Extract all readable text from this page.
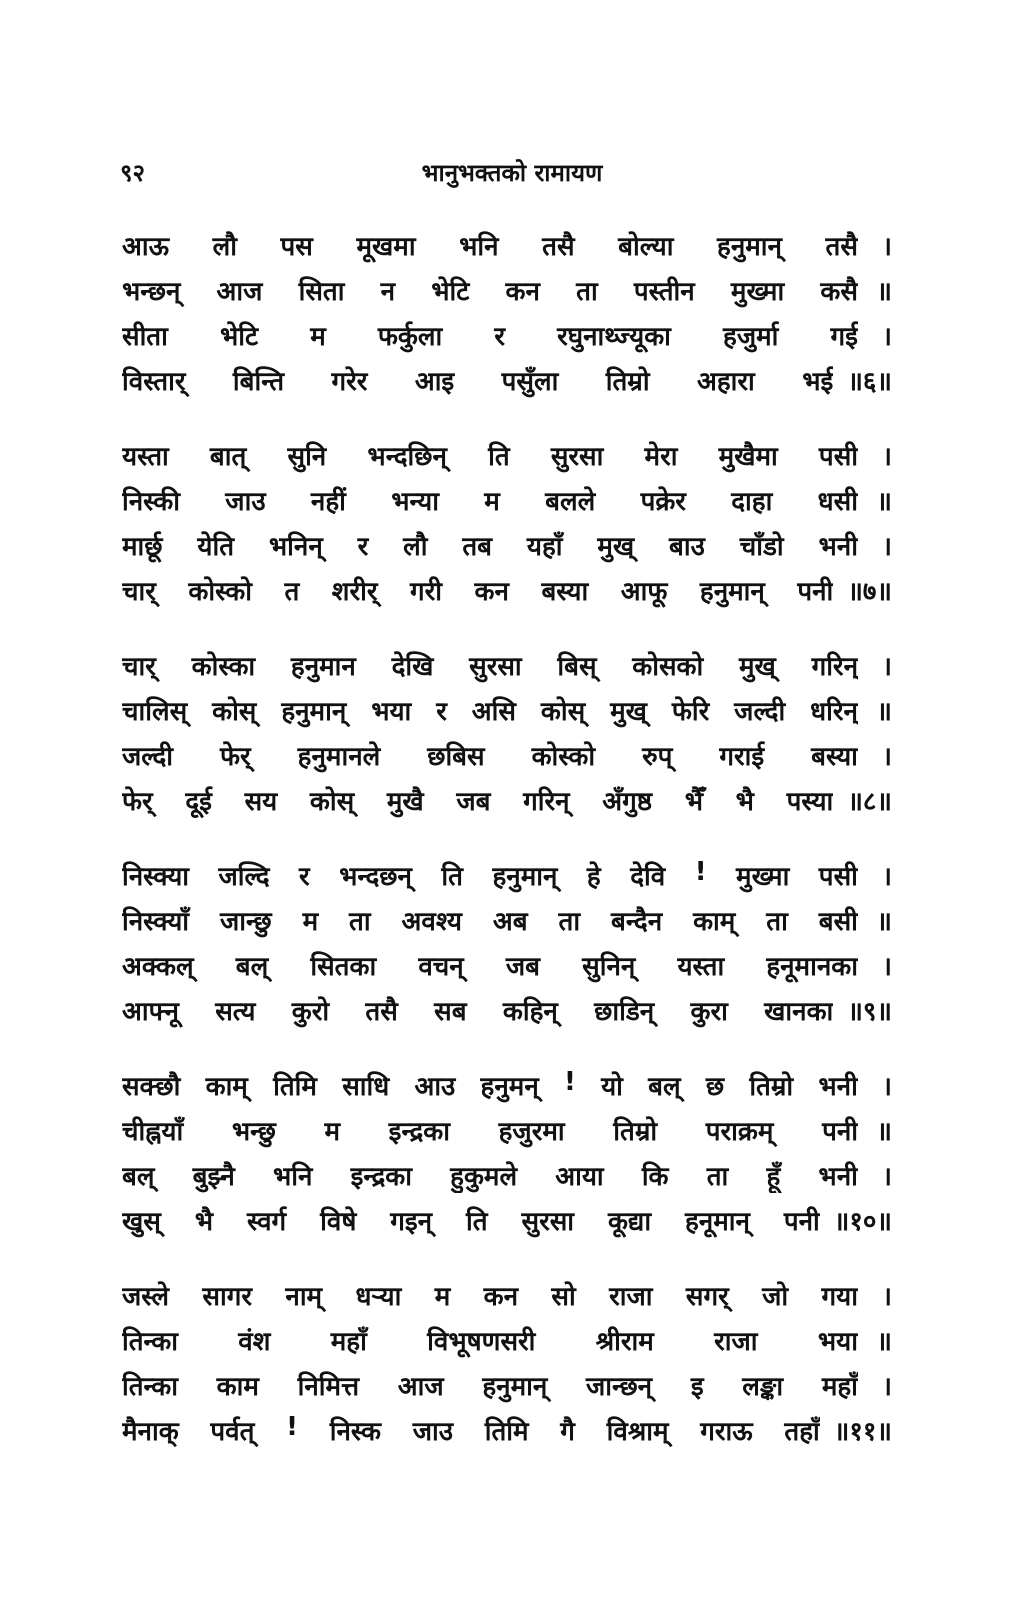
९२	भानुभक्तको रामायण
आऊ लौ पस मूखमा भनि तसै बोल्या हनुमान् तसै ।
भन्छन् आज सिता न भेटि कन ता पस्तीन मुख्मा कसै ॥
सीता भेटि म फर्कुला र रघुनाथ्ज्यूका हजुर्मा गई ।
विस्तार् बिन्ति गरेर आइ पसुँला तिम्रो अहारा भई ॥६॥
यस्ता बात् सुनि भन्दछिन् ति सुरसा मेरा मुखैमा पसी ।
निस्की जाउ नहीं भन्या म बलले पक्रेर दाहा धसी ॥
मार्छू येति भनिन् र लौ तब यहाँ मुख् बाउ चाँडो भनी ।
चार् कोस्को त शरीर् गरी कन बस्या आफू हनुमान् पनी ॥७॥
चार् कोस्का हनुमान देखि सुरसा बिस् कोसको मुख् गरिन् ।
चालिस् कोस् हनुमान् भया र असि कोस् मुख् फेरि जल्दी धरिन् ॥
जल्दी फेर् हनुमानले छबिस कोस्को रुप् गराई बस्या ।
फेर् दूई सय कोस् मुखै जब गरिन् अँगुष्ठ भैँ भै पस्या ॥८॥
निस्क्या जल्दि र भन्दछन् ति हनुमान् हे देवि ! मुख्मा पसी ।
निस्क्याँ जान्छु म ता अवश्य अब ता बन्दैन काम् ता बसी ॥
अक्कल् बल् सितका वचन् जब सुनिन् यस्ता हनूमानका ।
आफ्नू सत्य कुरो तसै सब कहिन् छाडिन् कुरा खानका ॥९॥
सक्छौ काम् तिमि साधि आउ हनुमन् ! यो बल् छ तिम्रो भनी ।
चीह्नयाँ भन्छु म इन्द्रका हजुरमा तिम्रो पराक्रम् पनी ॥
बल् बुझ्नै भनि इन्द्रका हुकुमले आया कि ता हूँ भनी ।
खुस् भै स्वर्ग विषे गइन् ति सुरसा कूद्या हनूमान् पनी ॥१०॥
जस्ले सागर नाम् धऱ्या म कन सो राजा सगर् जो गया ।
तिन्का वंश महाँ विभूषणसरी श्रीराम राजा भया ॥
तिन्का काम निमित्त आज हनुमान् जान्छन् इ लङ्का महाँ ।
मैनाक् पर्वत् ! निस्क जाउ तिमि गै विश्राम् गराऊ तहाँ ॥११॥
